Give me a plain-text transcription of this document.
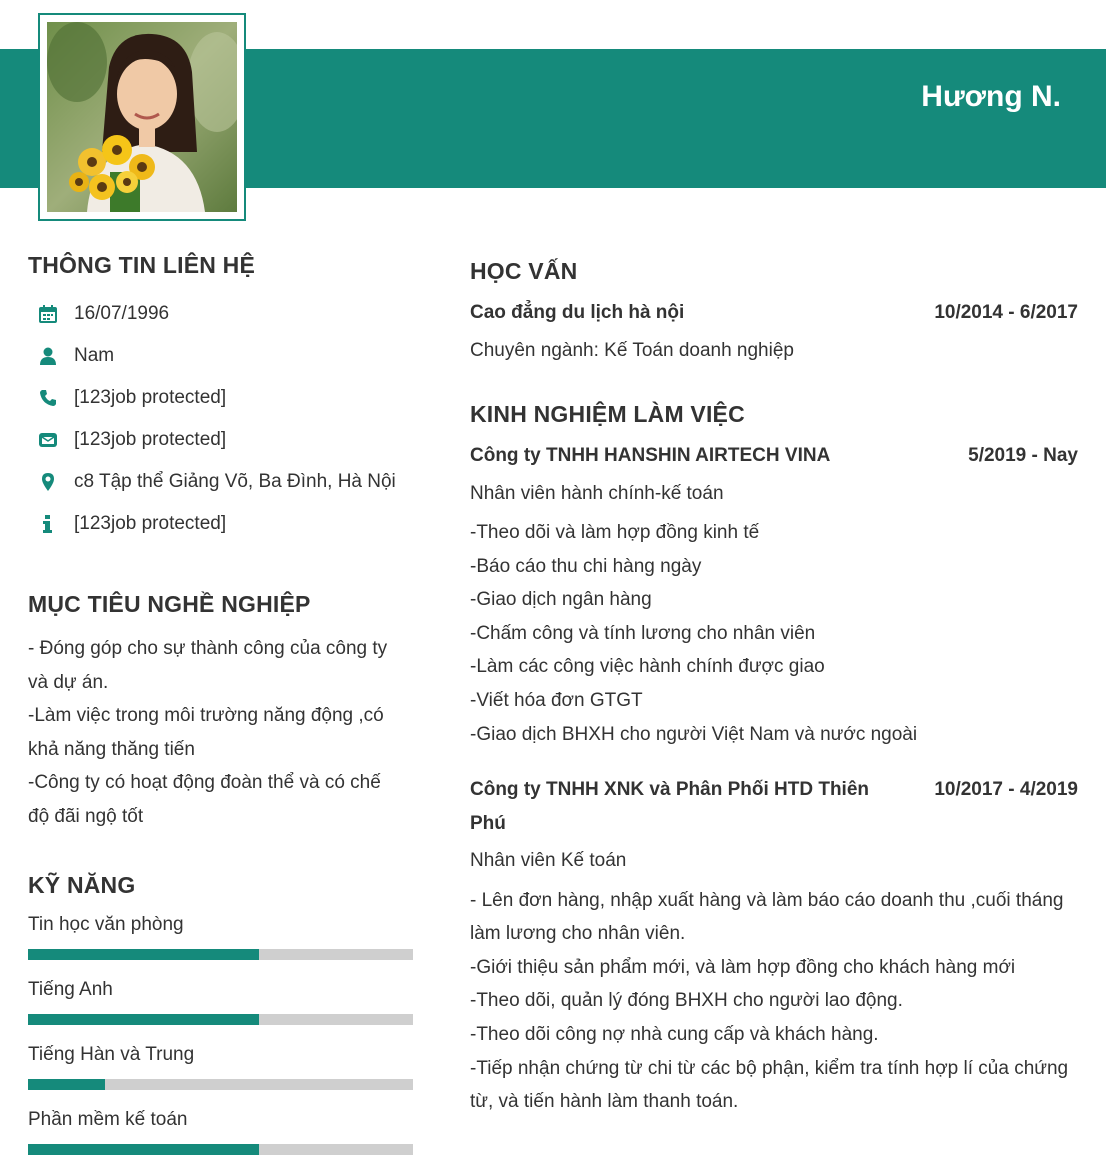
Hương N.
THÔNG TIN LIÊN HỆ
16/07/1996
Nam
[123job protected]
[123job protected]
c8 Tập thể Giảng Võ, Ba Đình, Hà Nội
[123job protected]
MỤC TIÊU NGHỀ NGHIỆP
- Đóng góp cho sự thành công của công ty
và dự án.
-Làm việc trong môi trường năng động ,có
khả năng thăng tiến
-Công ty có hoạt động đoàn thể và có chế
độ đãi ngộ tốt
KỸ NĂNG
Tin học văn phòng
Tiếng Anh
Tiếng Hàn và Trung
Phần mềm kế toán
HỌC VẤN
Cao đẳng du lịch hà nội	10/2014 - 6/2017
Chuyên ngành: Kế Toán doanh nghiệp
KINH NGHIỆM LÀM VIỆC
Công ty TNHH HANSHIN AIRTECH VINA	5/2019 - Nay
Nhân viên hành chính-kế toán
-Theo dõi và làm hợp đồng kinh tế
-Báo cáo thu chi hàng ngày
-Giao dịch ngân hàng
-Chấm công và tính lương cho nhân viên
-Làm các công việc hành chính được giao
-Viết hóa đơn GTGT
-Giao dịch BHXH cho người Việt Nam và nước ngoài
Công ty TNHH XNK và Phân Phối HTD Thiên Phú
10/2017 - 4/2019
Nhân viên Kế toán
- Lên đơn hàng, nhập xuất hàng và làm báo cáo doanh thu ,cuối tháng
làm lương cho nhân viên.
-Giới thiệu sản phẩm mới, và làm hợp đồng cho khách hàng mới
-Theo dõi, quản lý đóng BHXH cho người lao động.
-Theo dõi công nợ nhà cung cấp và khách hàng.
-Tiếp nhận chứng từ chi từ các bộ phận, kiểm tra tính hợp lí của chứng
từ, và tiến hành làm thanh toán.
